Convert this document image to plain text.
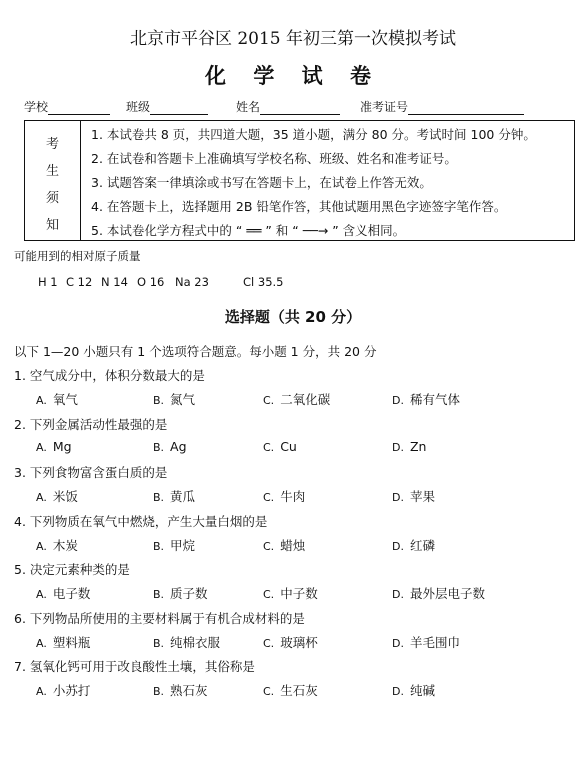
北京市平谷区 2015 年初三第一次模拟考试
化 学 试 卷
学校	班级	姓名	准考证号
考
生
须
知
1. 本试卷共 8 页，共四道大题，35 道小题，满分 80 分。考试时间 100 分钟。
2. 在试卷和答题卡上准确填写学校名称、班级、姓名和准考证号。
3. 试题答案一律填涂或书写在答题卡上，在试卷上作答无效。
4. 在答题卡上，选择题用 2B 铅笔作答，其他试题用黑色字迹签字笔作答。
5. 本试卷化学方程式中的 “ ══ ” 和 “ ──→ ” 含义相同。
可能用到的相对原子质量
H 1 C 12 N 14 O 16 Na 23	Cl 35.5
选择题（共 20 分）
以下 1—20 小题只有 1 个选项符合题意。每小题 1 分，共 20 分
1. 空气成分中，体积分数最大的是
A. 氧气	B. 氮气	C. 二氧化碳	D. 稀有气体
2. 下列金属活动性最强的是
A. Mg	B. Ag	C. Cu	D. Zn
3. 下列食物富含蛋白质的是
A. 米饭	B. 黄瓜	C. 牛肉	D. 苹果
4. 下列物质在氧气中燃烧，产生大量白烟的是
A. 木炭	B. 甲烷	C. 蜡烛	D. 红磷
5. 决定元素种类的是
A. 电子数	B. 质子数	C. 中子数	D. 最外层电子数
6. 下列物品所使用的主要材料属于有机合成材料的是
A. 塑料瓶	B. 纯棉衣服	C. 玻璃杯	D. 羊毛围巾
7. 氢氧化钙可用于改良酸性土壤，其俗称是
A. 小苏打	B. 熟石灰	C. 生石灰	D. 纯碱
